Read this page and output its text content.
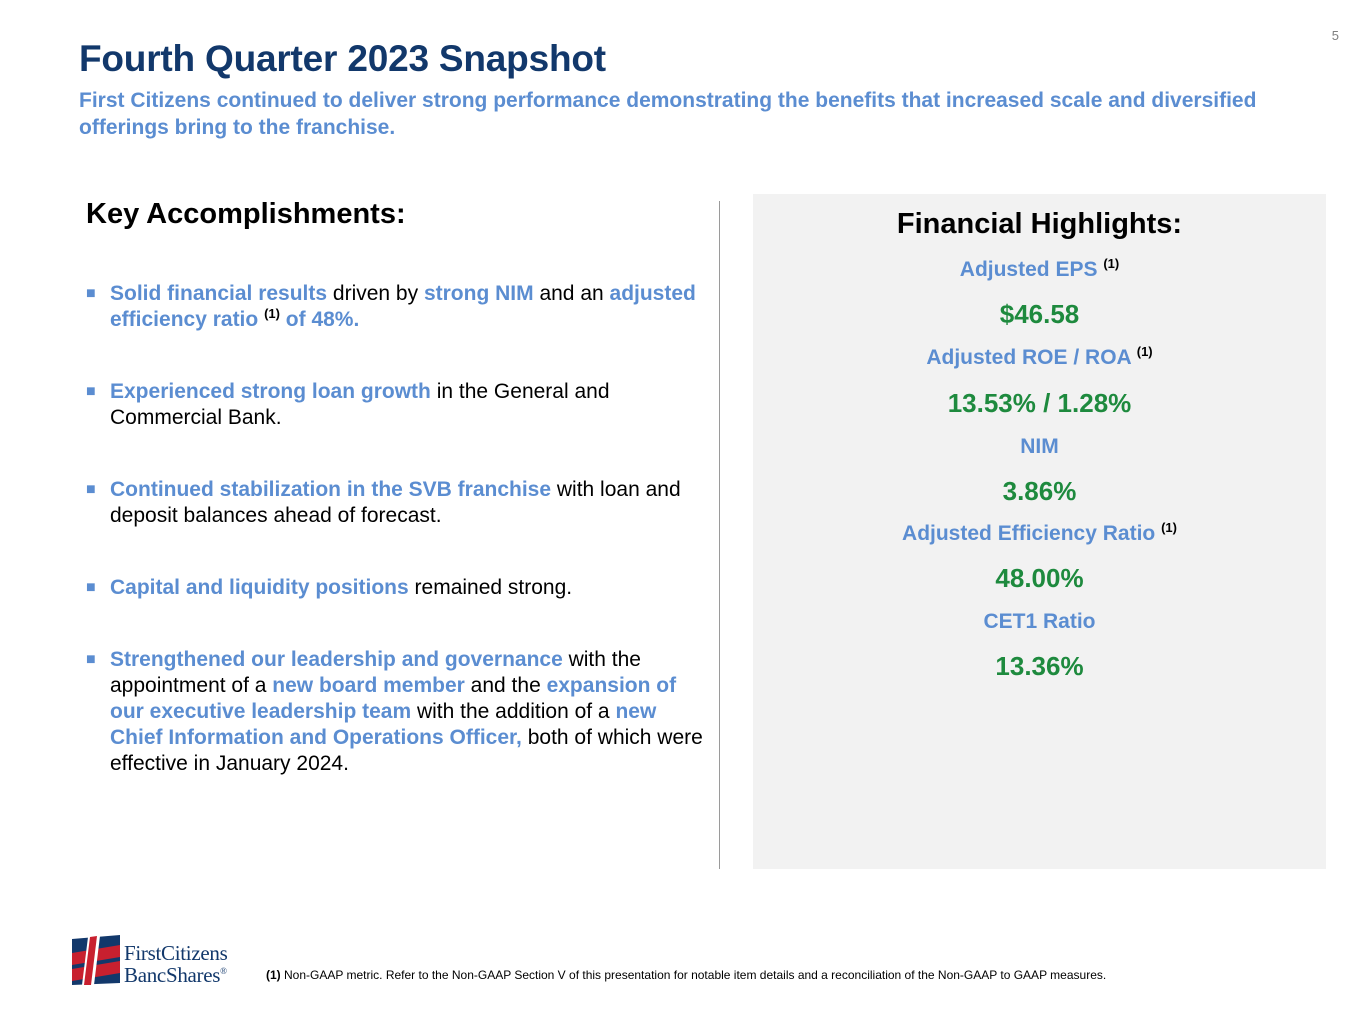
5
Fourth Quarter 2023 Snapshot

First Citizens continued to deliver strong performance demonstrating the benefits that increased scale and diversified offerings bring to the franchise.

Key Accomplishments:
■ Solid financial results driven by strong NIM and an adjusted efficiency ratio $^{(1)}$ of 48%.
■ Experienced strong loan growth in the General and Commercial Bank.
■ Continued stabilization in the SVB franchise with loan and deposit balances ahead of forecast.
■ Capital and liquidity positions remained strong.
■ Strengthened our leadership and governance with the appointment of a new board member and the expansion of our executive leadership team with the addition of a new Chief Information and Operations Officer, both of which were effective in January 2024.
Financial Highlights:
Adjusted EPS $^{(1)}$
$46.58
Adjusted ROE / ROA $^{(1)}$
13.53% / 1.28%
NIM
3.86%
Adjusted Efficiency Ratio $^{(1)}$
48.00%
CET1 Ratio
13.36%
FirstCitizens
BancShares®	(1) Non-GAAP metric. Refer to the Non-GAAP Section V of this presentation for notable item details and a reconciliation of the Non-GAAP to GAAP measures.
